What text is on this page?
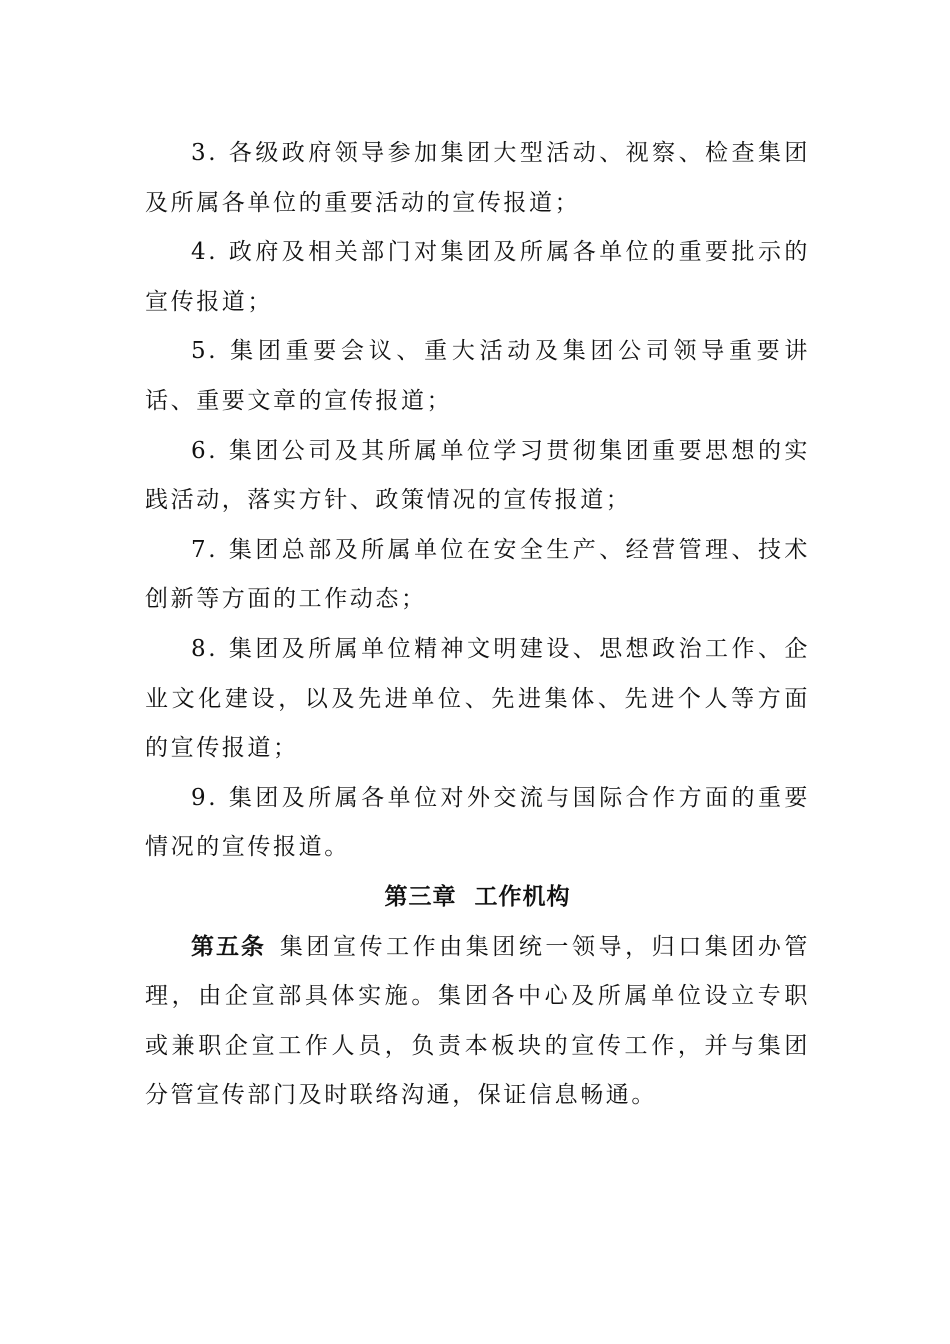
3. 各级政府领导参加集团大型活动、视察、检查集团及所属各单位的重要活动的宣传报道；

4. 政府及相关部门对集团及所属各单位的重要批示的宣传报道；

5. 集团重要会议、重大活动及集团公司领导重要讲话、重要文章的宣传报道；

6. 集团公司及其所属单位学习贯彻集团重要思想的实践活动，落实方针、政策情况的宣传报道；

7. 集团总部及所属单位在安全生产、经营管理、技术创新等方面的工作动态；

8. 集团及所属单位精神文明建设、思想政治工作、企业文化建设，以及先进单位、先进集体、先进个人等方面的宣传报道；

9. 集团及所属各单位对外交流与国际合作方面的重要情况的宣传报道。

第三章 工作机构

第五条 集团宣传工作由集团统一领导，归口集团办管理，由企宣部具体实施。集团各中心及所属单位设立专职或兼职企宣工作人员，负责本板块的宣传工作，并与集团分管宣传部门及时联络沟通，保证信息畅通。
